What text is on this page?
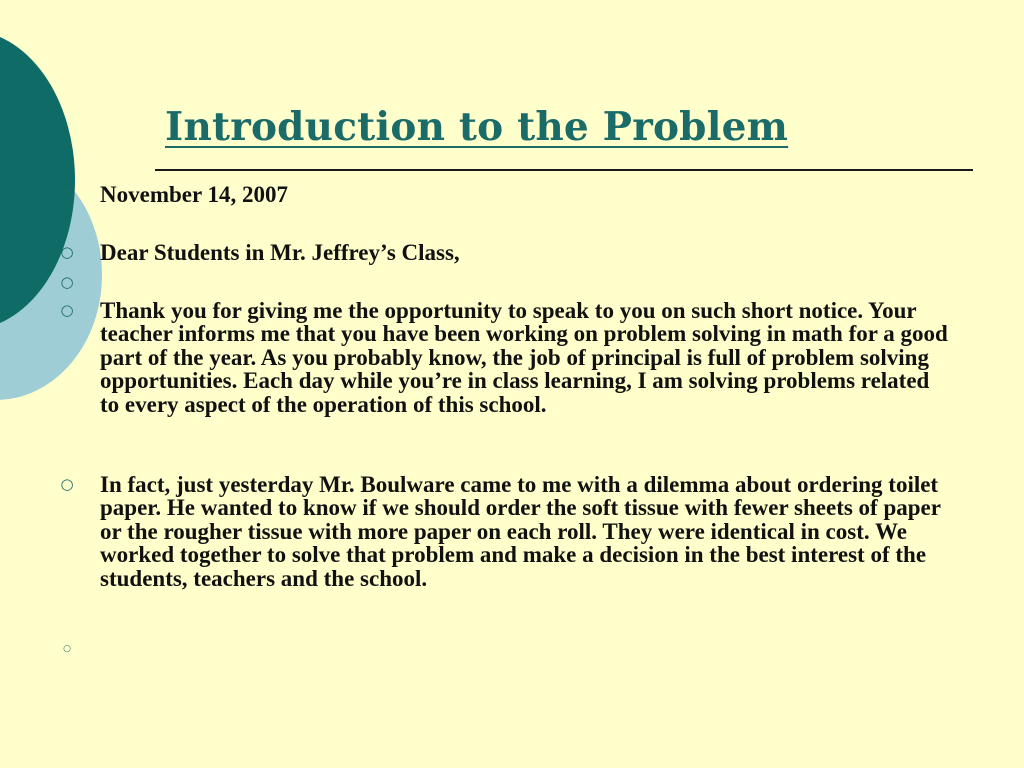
Introduction to the Problem
○ November 14, 2007

○ Dear Students in Mr. Jeffrey’s Class,

○

○ Thank you for giving me the opportunity to speak to you on such short notice. Your teacher informs me that you have been working on problem solving in math for a good part of the year. As you probably know, the job of principal is full of problem solving opportunities. Each day while you’re in class learning, I am solving problems related to every aspect of the operation of this school.

○ In fact, just yesterday Mr. Boulware came to me with a dilemma about ordering toilet paper. He wanted to know if we should order the soft tissue with fewer sheets of paper or the rougher tissue with more paper on each roll. They were identical in cost. We worked together to solve that problem and make a decision in the best interest of the students, teachers and the school.

○
